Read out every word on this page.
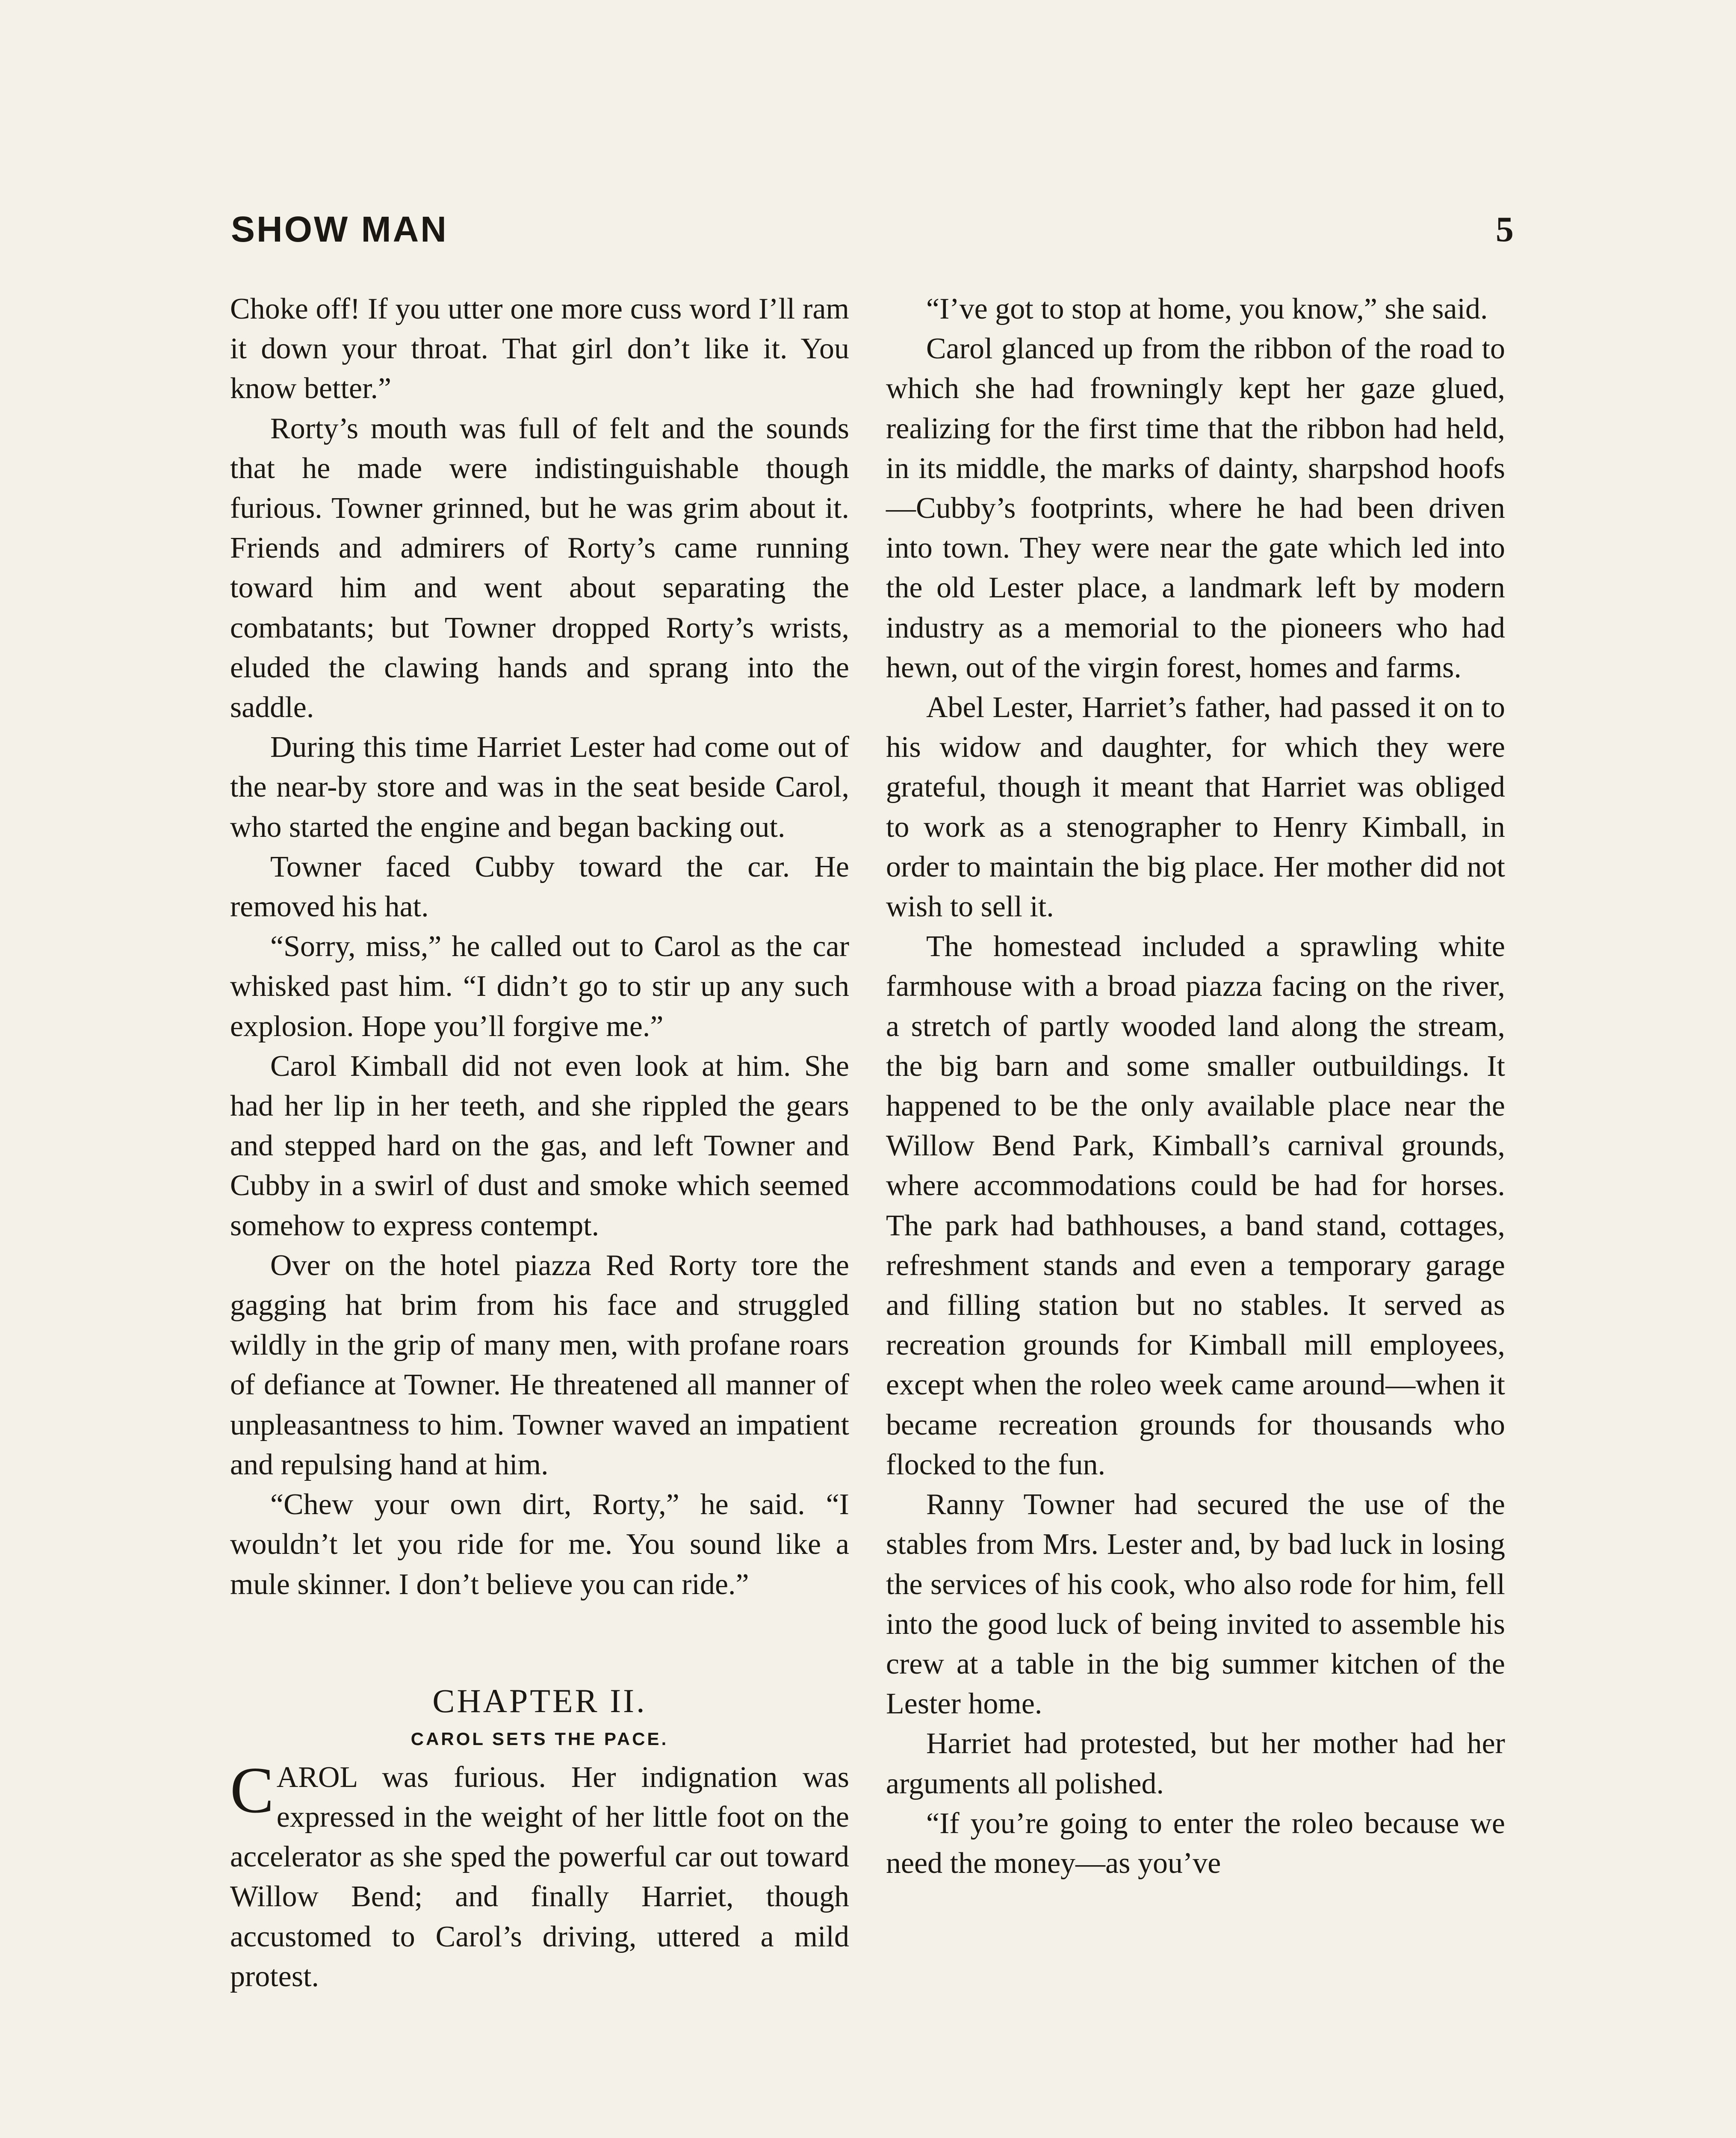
SHOW MAN	5

Choke off! If you utter one more cuss word I’ll ram it down your throat. That girl don’t like it. You know better.”

Rorty’s mouth was full of felt and the sounds that he made were indistinguishable though furious. Towner grinned, but he was grim about it. Friends and admirers of Rorty’s came running toward him and went about separating the combatants; but Towner dropped Rorty’s wrists, eluded the clawing hands and sprang into the saddle.

During this time Harriet Lester had come out of the near-by store and was in the seat beside Carol, who started the engine and began backing out.

Towner faced Cubby toward the car. He removed his hat.

“Sorry, miss,” he called out to Carol as the car whisked past him. “I didn’t go to stir up any such explosion. Hope you’ll forgive me.”

Carol Kimball did not even look at him. She had her lip in her teeth, and she rippled the gears and stepped hard on the gas, and left Towner and Cubby in a swirl of dust and smoke which seemed somehow to express contempt.

Over on the hotel piazza Red Rorty tore the gagging hat brim from his face and struggled wildly in the grip of many men, with profane roars of defiance at Towner. He threatened all manner of unpleasantness to him. Towner waved an impatient and repulsing hand at him.

“Chew your own dirt, Rorty,” he said. “I wouldn’t let you ride for me. You sound like a mule skinner. I don’t believe you can ride.”

CHAPTER II.
CAROL SETS THE PACE.

CAROL was furious. Her indignation was expressed in the weight of her little foot on the accelerator as she sped the powerful car out toward Willow Bend; and finally Harriet, though accustomed to Carol’s driving, uttered a mild protest.

“I’ve got to stop at home, you know,” she said.

Carol glanced up from the ribbon of the road to which she had frowningly kept her gaze glued, realizing for the first time that the ribbon had held, in its middle, the marks of dainty, sharpshod hoofs—Cubby’s footprints, where he had been driven into town. They were near the gate which led into the old Lester place, a landmark left by modern industry as a memorial to the pioneers who had hewn, out of the virgin forest, homes and farms.

Abel Lester, Harriet’s father, had passed it on to his widow and daughter, for which they were grateful, though it meant that Harriet was obliged to work as a stenographer to Henry Kimball, in order to maintain the big place. Her mother did not wish to sell it.

The homestead included a sprawling white farmhouse with a broad piazza facing on the river, a stretch of partly wooded land along the stream, the big barn and some smaller outbuildings. It happened to be the only available place near the Willow Bend Park, Kimball’s carnival grounds, where accommodations could be had for horses. The park had bathhouses, a band stand, cottages, refreshment stands and even a temporary garage and filling station but no stables. It served as recreation grounds for Kimball mill employees, except when the roleo week came around—when it became recreation grounds for thousands who flocked to the fun.

Ranny Towner had secured the use of the stables from Mrs. Lester and, by bad luck in losing the services of his cook, who also rode for him, fell into the good luck of being invited to assemble his crew at a table in the big summer kitchen of the Lester home.

Harriet had protested, but her mother had her arguments all polished.

“If you’re going to enter the roleo because we need the money—as you’ve
